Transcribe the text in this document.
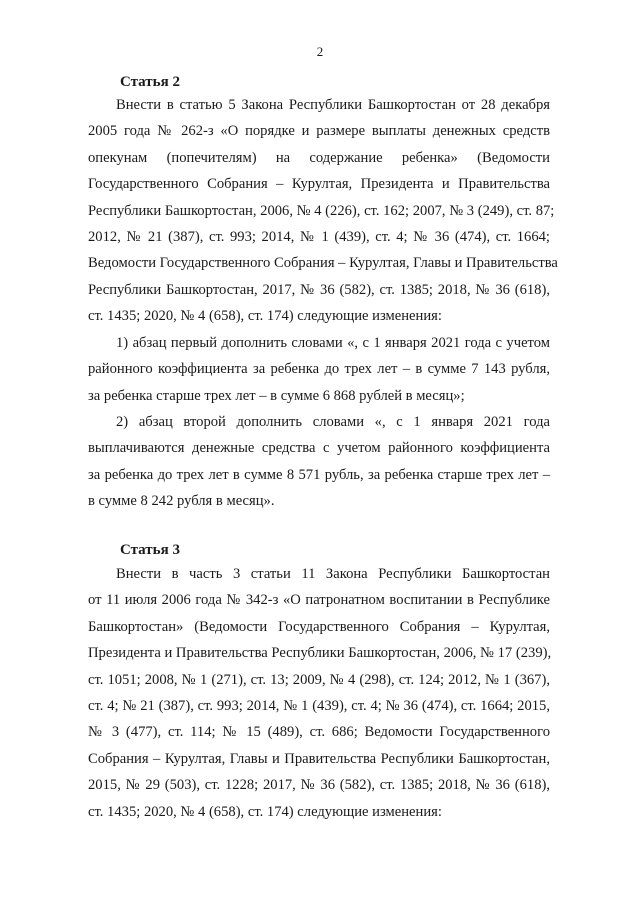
2
Статья 2
Внести в статью 5 Закона Республики Башкортостан от 28 декабря
2005 года № 262-з «О порядке и размере выплаты денежных средств
опекунам (попечителям) на содержание ребенка» (Ведомости
Государственного Собрания – Курултая, Президента и Правительства
Республики Башкортостан, 2006, № 4 (226), ст. 162; 2007, № 3 (249), ст. 87;
2012, № 21 (387), ст. 993; 2014, № 1 (439), ст. 4; № 36 (474), ст. 1664;
Ведомости Государственного Собрания – Курултая, Главы и Правительства
Республики Башкортостан, 2017, № 36 (582), ст. 1385; 2018, № 36 (618),
ст. 1435; 2020, № 4 (658), ст. 174) следующие изменения:
1) абзац первый дополнить словами «, с 1 января 2021 года с учетом
районного коэффициента за ребенка до трех лет – в сумме 7 143 рубля,
за ребенка старше трех лет – в сумме 6 868 рублей в месяц»;
2) абзац второй дополнить словами «, с 1 января 2021 года
выплачиваются денежные средства с учетом районного коэффициента
за ребенка до трех лет в сумме 8 571 рубль, за ребенка старше трех лет –
в сумме 8 242 рубля в месяц».
Статья 3
Внести в часть 3 статьи 11 Закона Республики Башкортостан
от 11 июля 2006 года № 342-з «О патронатном воспитании в Республике
Башкортостан» (Ведомости Государственного Собрания – Курултая,
Президента и Правительства Республики Башкортостан, 2006, № 17 (239),
ст. 1051; 2008, № 1 (271), ст. 13; 2009, № 4 (298), ст. 124; 2012, № 1 (367),
ст. 4; № 21 (387), ст. 993; 2014, № 1 (439), ст. 4; № 36 (474), ст. 1664; 2015,
№ 3 (477), ст. 114; № 15 (489), ст. 686; Ведомости Государственного
Собрания – Курултая, Главы и Правительства Республики Башкортостан,
2015, № 29 (503), ст. 1228; 2017, № 36 (582), ст. 1385; 2018, № 36 (618),
ст. 1435; 2020, № 4 (658), ст. 174) следующие изменения:
